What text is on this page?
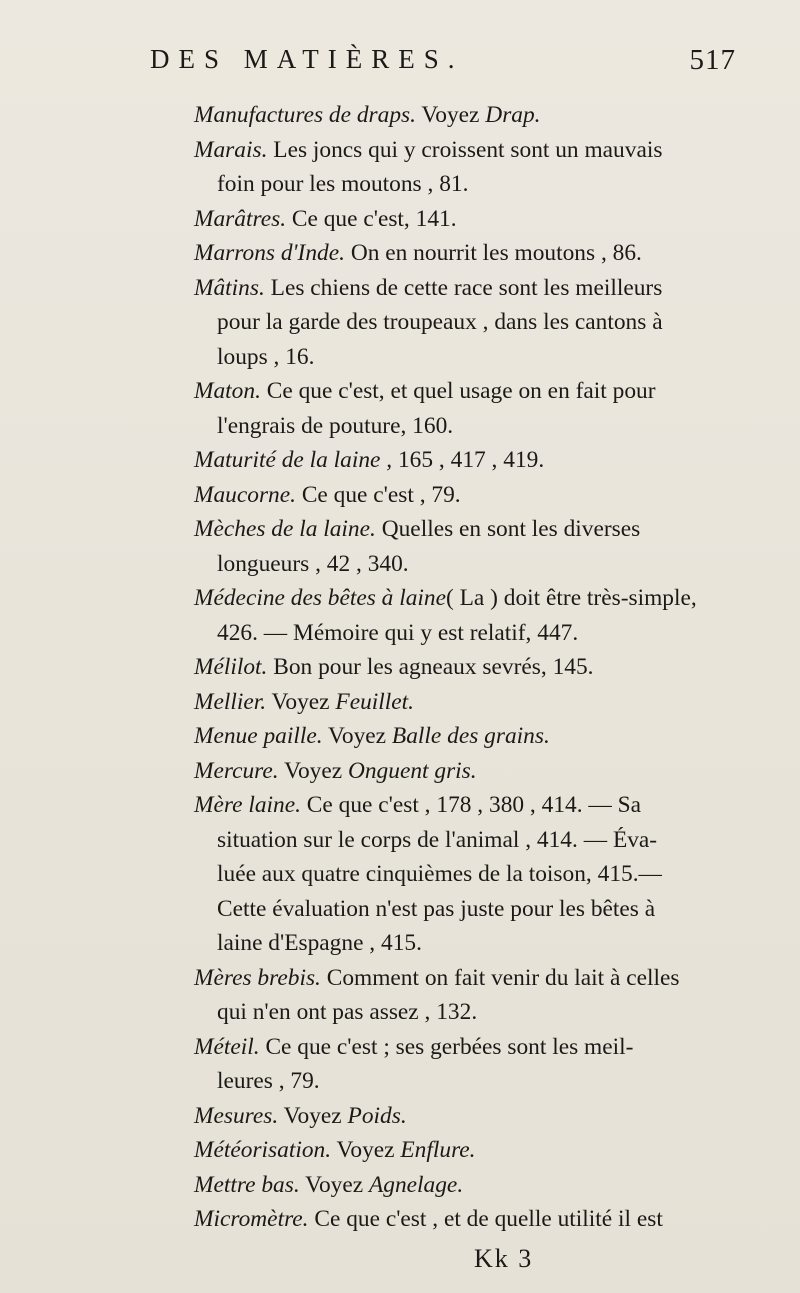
DES MATIÈRES.	517
Manufactures de draps. Voyez Drap.
Marais. Les joncs qui y croissent sont un mauvais
foin pour les moutons , 81.
Marâtres. Ce que c'est, 141.
Marrons d'Inde. On en nourrit les moutons , 86.
Mâtins. Les chiens de cette race sont les meilleurs
pour la garde des troupeaux , dans les cantons à
loups , 16.
Maton. Ce que c'est, et quel usage on en fait pour
l'engrais de pouture, 160.
Maturité de la laine , 165 , 417 , 419.
Maucorne. Ce que c'est , 79.
Mèches de la laine. Quelles en sont les diverses
longueurs , 42 , 340.
Médecine des bêtes à laine( La ) doit être très-simple,
426. — Mémoire qui y est relatif, 447.
Mélilot. Bon pour les agneaux sevrés, 145.
Mellier. Voyez Feuillet.
Menue paille. Voyez Balle des grains.
Mercure. Voyez Onguent gris.
Mère laine. Ce que c'est , 178 , 380 , 414. — Sa
situation sur le corps de l'animal , 414. — Éva-
luée aux quatre cinquièmes de la toison, 415.—
Cette évaluation n'est pas juste pour les bêtes à
laine d'Espagne , 415.
Mères brebis. Comment on fait venir du lait à celles
qui n'en ont pas assez , 132.
Méteil. Ce que c'est ; ses gerbées sont les meil-
leures , 79.
Mesures. Voyez Poids.
Météorisation. Voyez Enflure.
Mettre bas. Voyez Agnelage.
Micromètre. Ce que c'est , et de quelle utilité il est
Kk 3
